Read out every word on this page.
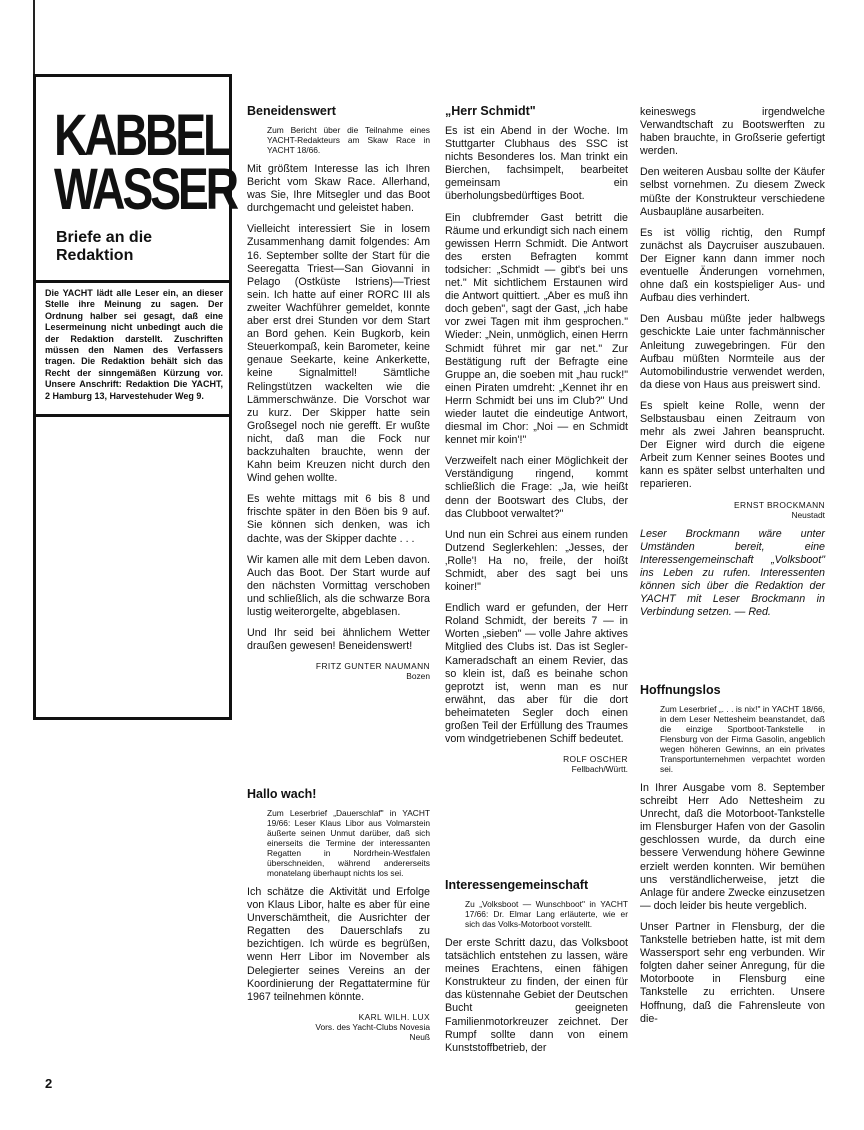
KABBEL
WASSER
Briefe an die Redaktion
Die YACHT lädt alle Leser ein, an dieser Stelle ihre Meinung zu sagen. Der Ordnung halber sei gesagt, daß eine Lesermeinung nicht unbedingt auch die der Redaktion darstellt. Zuschriften müssen den Namen des Verfassers tragen. Die Redaktion behält sich das Recht der sinngemäßen Kürzung vor. Unsere Anschrift: Redaktion Die YACHT, 2 Hamburg 13, Harvestehuder Weg 9.
Beneidenswert
Zum Bericht über die Teilnahme eines YACHT-Redakteurs am Skaw Race in YACHT 18/66.
Mit größtem Interesse las ich Ihren Bericht vom Skaw Race. Allerhand, was Sie, Ihre Mitsegler und das Boot durchgemacht und geleistet haben.
Vielleicht interessiert Sie in losem Zusammenhang damit folgendes: Am 16. September sollte der Start für die Seeregatta Triest—San Giovanni in Pelago (Ostküste Istriens)—Triest sein. Ich hatte auf einer RORC III als zweiter Wachführer gemeldet, konnte aber erst drei Stunden vor dem Start an Bord gehen. Kein Bugkorb, kein Steuerkompaß, kein Barometer, keine genaue Seekarte, keine Ankerkette, keine Signalmittel! Sämtliche Relingstützen wackelten wie die Lämmerschwänze. Die Vorschot war zu kurz. Der Skipper hatte sein Großsegel noch nie gerefft. Er wußte nicht, daß man die Fock nur backzuhalten brauchte, wenn der Kahn beim Kreuzen nicht durch den Wind gehen wollte.
Es wehte mittags mit 6 bis 8 und frischte später in den Böen bis 9 auf. Sie können sich denken, was ich dachte, was der Skipper dachte . . .
Wir kamen alle mit dem Leben davon. Auch das Boot. Der Start wurde auf den nächsten Vormittag verschoben und schließlich, als die schwarze Bora lustig weiterorgelte, abgeblasen.
Und Ihr seid bei ähnlichem Wetter draußen gewesen! Beneidenswert!
FRITZ GUNTER NAUMANN
Bozen
Hallo wach!
Zum Leserbrief „Dauerschlaf" in YACHT 19/66: Leser Klaus Libor aus Volmarstein äußerte seinen Unmut darüber, daß sich einerseits die Termine der interessanten Regatten in Nordrhein-Westfalen überschneiden, während andererseits monatelang überhaupt nichts los sei.
Ich schätze die Aktivität und Erfolge von Klaus Libor, halte es aber für eine Unverschämtheit, die Ausrichter der Regatten des Dauerschlafs zu bezichtigen. Ich würde es begrüßen, wenn Herr Libor im November als Delegierter seines Vereins an der Koordinierung der Regattatermine für 1967 teilnehmen könnte.
KARL WILH. LUX
Vors. des Yacht-Clubs Novesia
Neuß
„Herr Schmidt"
Es ist ein Abend in der Woche. Im Stuttgarter Clubhaus des SSC ist nichts Besonderes los. Man trinkt ein Bierchen, fachsimpelt, bearbeitet gemeinsam ein überholungsbedürftiges Boot.
Ein clubfremder Gast betritt die Räume und erkundigt sich nach einem gewissen Herrn Schmidt. Die Antwort des ersten Befragten kommt todsicher: „Schmidt — gibt's bei uns net." Mit sichtlichem Erstaunen wird die Antwort quittiert. „Aber es muß ihn doch geben", sagt der Gast, „ich habe vor zwei Tagen mit ihm gesprochen." Wieder: „Nein, unmöglich, einen Herrn Schmidt führet mir gar net." Zur Bestätigung ruft der Befragte eine Gruppe an, die soeben mit „hau ruck!" einen Piraten umdreht: „Kennet ihr en Herrn Schmidt bei uns im Club?" Und wieder lautet die eindeutige Antwort, diesmal im Chor: „Noi — en Schmidt kennet mir koin'!"
Verzweifelt nach einer Möglichkeit der Verständigung ringend, kommt schließlich die Frage: „Ja, wie heißt denn der Bootswart des Clubs, der das Clubboot verwaltet?"
Und nun ein Schrei aus einem runden Dutzend Seglerkehlen: „Jesses, der ‚Rolle'! Ha no, freile, der hoißt Schmidt, aber des sagt bei uns koiner!"
Endlich ward er gefunden, der Herr Roland Schmidt, der bereits 7 — in Worten „sieben" — volle Jahre aktives Mitglied des Clubs ist. Das ist Segler-Kameradschaft an einem Revier, das so klein ist, daß es beinahe schon geprotzt ist, wenn man es nur erwähnt, das aber für die dort beheimateten Segler doch einen großen Teil der Erfüllung des Traumes vom windgetriebenen Schiff bedeutet.
ROLF OSCHER
Fellbach/Württ.
Interessengemeinschaft
Zu „Volksboot — Wunschboot" in YACHT 17/66: Dr. Elmar Lang erläuterte, wie er sich das Volks-Motorboot vorstellt.
Der erste Schritt dazu, das Volksboot tatsächlich entstehen zu lassen, wäre meines Erachtens, einen fähigen Konstrukteur zu finden, der einen für das küstennahe Gebiet der Deutschen Bucht geeigneten Familienmotorkreuzer zeichnet. Der Rumpf sollte dann von einem Kunststoffbetrieb, der
keineswegs irgendwelche Verwandtschaft zu Bootswerften zu haben brauchte, in Großserie gefertigt werden.
Den weiteren Ausbau sollte der Käufer selbst vornehmen. Zu diesem Zweck müßte der Konstrukteur verschiedene Ausbaupläne ausarbeiten.
Es ist völlig richtig, den Rumpf zunächst als Daycruiser auszubauen. Der Eigner kann dann immer noch eventuelle Änderungen vornehmen, ohne daß ein kostspieliger Aus- und Aufbau dies verhindert.
Den Ausbau müßte jeder halbwegs geschickte Laie unter fachmännischer Anleitung zuwegebringen. Für den Aufbau müßten Normteile aus der Automobilindustrie verwendet werden, da diese von Haus aus preiswert sind.
Es spielt keine Rolle, wenn der Selbstausbau einen Zeitraum von mehr als zwei Jahren beansprucht. Der Eigner wird durch die eigene Arbeit zum Kenner seines Bootes und kann es später selbst unterhalten und reparieren.
ERNST BROCKMANN
Neustadt
Leser Brockmann wäre unter Umständen bereit, eine Interessengemeinschaft „Volksboot" ins Leben zu rufen. Interessenten können sich über die Redaktion der YACHT mit Leser Brockmann in Verbindung setzen. — Red.
Hoffnungslos
Zum Leserbrief „. . . is nix!" in YACHT 18/66, in dem Leser Nettesheim beanstandet, daß die einzige Sportboot-Tankstelle in Flensburg von der Firma Gasolin, angeblich wegen höheren Gewinns, an ein privates Transportunternehmen verpachtet worden sei.
In Ihrer Ausgabe vom 8. September schreibt Herr Ado Nettesheim zu Unrecht, daß die Motorboot-Tankstelle im Flensburger Hafen von der Gasolin geschlossen wurde, da durch eine bessere Verwendung höhere Gewinne erzielt werden konnten. Wir bemühen uns verständlicherweise, jetzt die Anlage für andere Zwecke einzusetzen — doch leider bis heute vergeblich.
Unser Partner in Flensburg, der die Tankstelle betrieben hatte, ist mit dem Wassersport sehr eng verbunden. Wir folgten daher seiner Anregung, für die Motorboote in Flensburg eine Tankstelle zu errichten. Unsere Hoffnung, daß die Fahrensleute von die-
2
